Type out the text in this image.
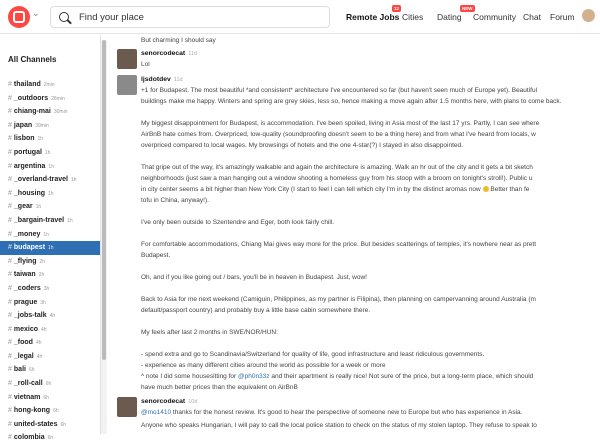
⌄
Find your place	Remote Jobs
12
Cities Dating
NEW
Community Chat Forum
All Channels
# thailand 2min
# _outdoors 28min
# chiang-mai 30min
# japan 39min
# lisbon 1h
# portugal 1h
# argentina 1h
# _overland-travel 1h
# _housing 1h
# _gear 1h
# _bargain-travel 1h
# _money 1h
# budapest 1h
# _flying 2h
# taiwan 2h
# _coders 3h
# prague 3h
# _jobs-talk 4h
# mexico 4h
# _food 4h
# _legal 4h
# bali 6h
# _roll-call 6h
# vietnam 6h
# hong-kong 6h
# united-states 6h
# colombia 6h
But charming I should say
senorcodecat 11d
Lol
ljsdotdev 11d
+1 for Budapest. The most beautiful *and consistent* architecture I've encountered so far (but haven't seen much of Europe yet). Beautiful
buildings make me happy. Winters and spring are grey skies, less so, hence making a move again after 1.5 months here, with plans to come back.
My biggest disappointment for Budapest, is accommodation. I've been spoiled, living in Asia most of the last 17 yrs. Partly, I can see where
AirBnB hate comes from. Overpriced, low-quality (soundproofing doesn't seem to be a thing here) and from what I've heard from locals, w
overpriced compared to local wages. My browsings of hotels and the one 4-star(?) I stayed in also disappointed.
That gripe out of the way, it's amazingly walkable and again the architecture is amazing. Walk an hr out of the city and it gets a bit sketch
neighborhoods (just saw a man hanging out a window shooting a homeless guy from his stoop with a broom on tonight's stroll!). Public u
in city center seems a bit higher than New York City (I start to feel I can tell which city I'm in by the distinct aromas now  Better than fe
tofu in China, anyway!).
I've only been outside to Szentendre and Eger, both look fairly chill.
For comfortable accommodations, Chiang Mai gives way more for the price. But besides scatterings of temples, it's nowhere near as prett
Budapest.
Oh, and if you like going out / bars, you'll be in heaven in Budapest. Just, wow!
Back to Asia for me next weekend (Camiguin, Philippines, as my partner is Filipina), then planning on campervanning around Australia (m
default/passport country) and probably buy a little base cabin somewhere there.
My feels after last 2 months in SWE/NOR/HUN:
- spend extra and go to Scandinavia/Switzerland for quality of life, good infrastructure and least ridiculous governments.
- experience as many different cities around the world as possible for a week or more
^ note I did some housesitting for @ph0n33z and their apartment is really nice! Not sure of the price, but a long-term place, which should
have much better prices than the equivalent on AirBnB
senorcodecat 10d
@mo1410 thanks for the honest review. It's good to hear the perspective of someone new to Europe but who has experience in Asia.
Anyone who speaks Hungarian, I will pay to call the local police station to check on the status of my stolen laptop. They refuse to speak to
